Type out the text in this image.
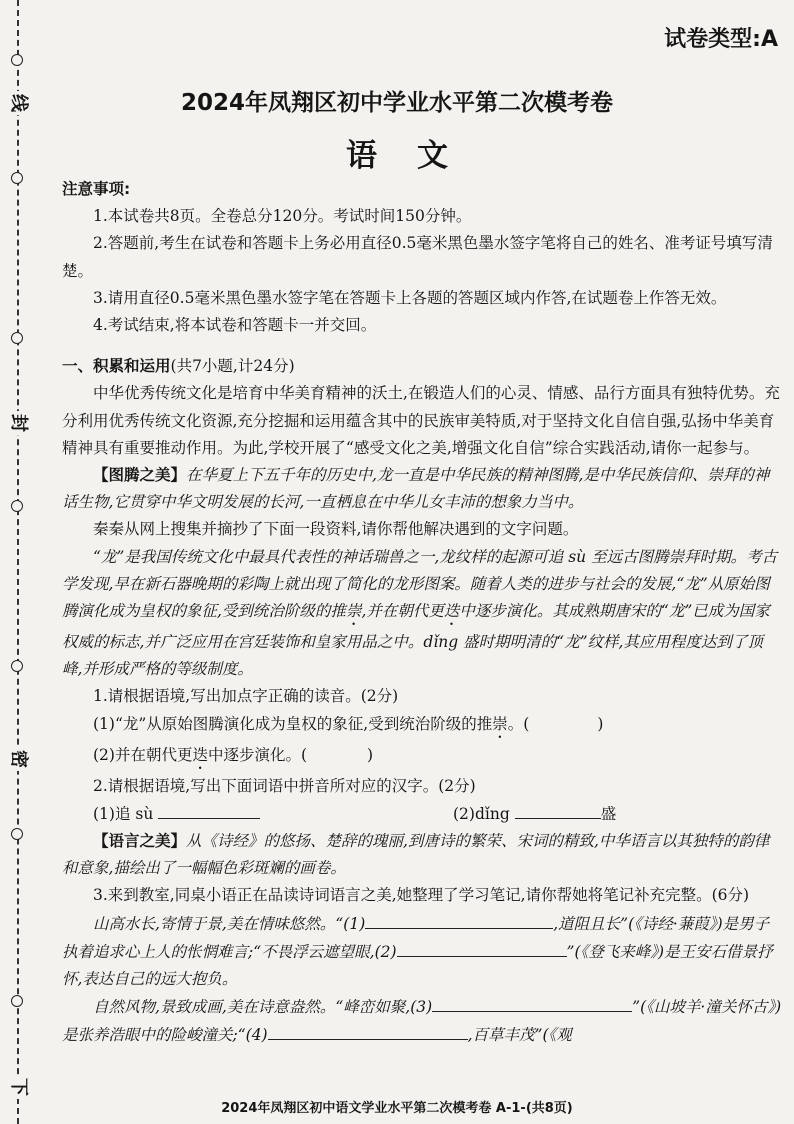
线
封
密
下
试卷类型:A
2024年凤翔区初中学业水平第二次模考卷
语文

注意事项:

1.本试卷共8页。全卷总分120分。考试时间150分钟。

2.答题前,考生在试卷和答题卡上务必用直径0.5毫米黑色墨水签字笔将自己的姓名、准考证号填写清楚。

3.请用直径0.5毫米黑色墨水签字笔在答题卡上各题的答题区域内作答,在试题卷上作答无效。

4.考试结束,将本试卷和答题卡一并交回。

一、积累和运用(共7小题,计24分)

中华优秀传统文化是培育中华美育精神的沃土,在锻造人们的心灵、情感、品行方面具有独特优势。充分利用优秀传统文化资源,充分挖掘和运用蕴含其中的民族审美特质,对于坚持文化自信自强,弘扬中华美育精神具有重要推动作用。为此,学校开展了“感受文化之美,增强文化自信”综合实践活动,请你一起参与。

【图腾之美】在华夏上下五千年的历史中,龙一直是中华民族的精神图腾,是中华民族信仰、崇拜的神话生物,它贯穿中华文明发展的长河,一直栖息在中华儿女丰沛的想象力当中。

秦秦从网上搜集并摘抄了下面一段资料,请你帮他解决遇到的文字问题。

“龙”是我国传统文化中最具代表性的神话瑞兽之一,龙纹样的起源可追 sù 至远古图腾崇拜时期。考古学发现,早在新石器晚期的彩陶上就出现了简化的龙形图案。随着人类的进步与社会的发展,“龙”从原始图腾演化成为皇权的象征,受到统治阶级的推崇,并在朝代更迭中逐步演化。其成熟期唐宋的“龙”已成为国家权威的标志,并广泛应用在宫廷装饰和皇家用品之中。dǐng 盛时期明清的“龙”纹样,其应用程度达到了顶峰,并形成严格的等级制度。

1.请根据语境,写出加点字正确的读音。(2分)

(1)“龙”从原始图腾演化成为皇权的象征,受到统治阶级的推崇。(	)

(2)并在朝代更迭中逐步演化。(	)

2.请根据语境,写出下面词语中拼音所对应的汉字。(2分)

(1)追 sù	(2)dǐng	盛

【语言之美】从《诗经》的悠扬、楚辞的瑰丽,到唐诗的繁荣、宋词的精致,中华语言以其独特的韵律和意象,描绘出了一幅幅色彩斑斓的画卷。

3.来到教室,同桌小语正在品读诗词语言之美,她整理了学习笔记,请你帮她将笔记补充完整。(6分)

山高水长,寄情于景,美在情味悠然。“(1)	,道阻且长”(《诗经·蒹葭》)是男子执着追求心上人的怅惘难言;“不畏浮云遮望眼,(2)	”(《登飞来峰》)是王安石借景抒怀,表达自己的远大抱负。

自然风物,景致成画,美在诗意盎然。“峰峦如聚,(3)	”(《山坡羊·潼关怀古》)是张养浩眼中的险峻潼关;“(4)	,百草丰茂”(《观

2024年凤翔区初中语文学业水平第二次模考卷 A-1-(共8页)
